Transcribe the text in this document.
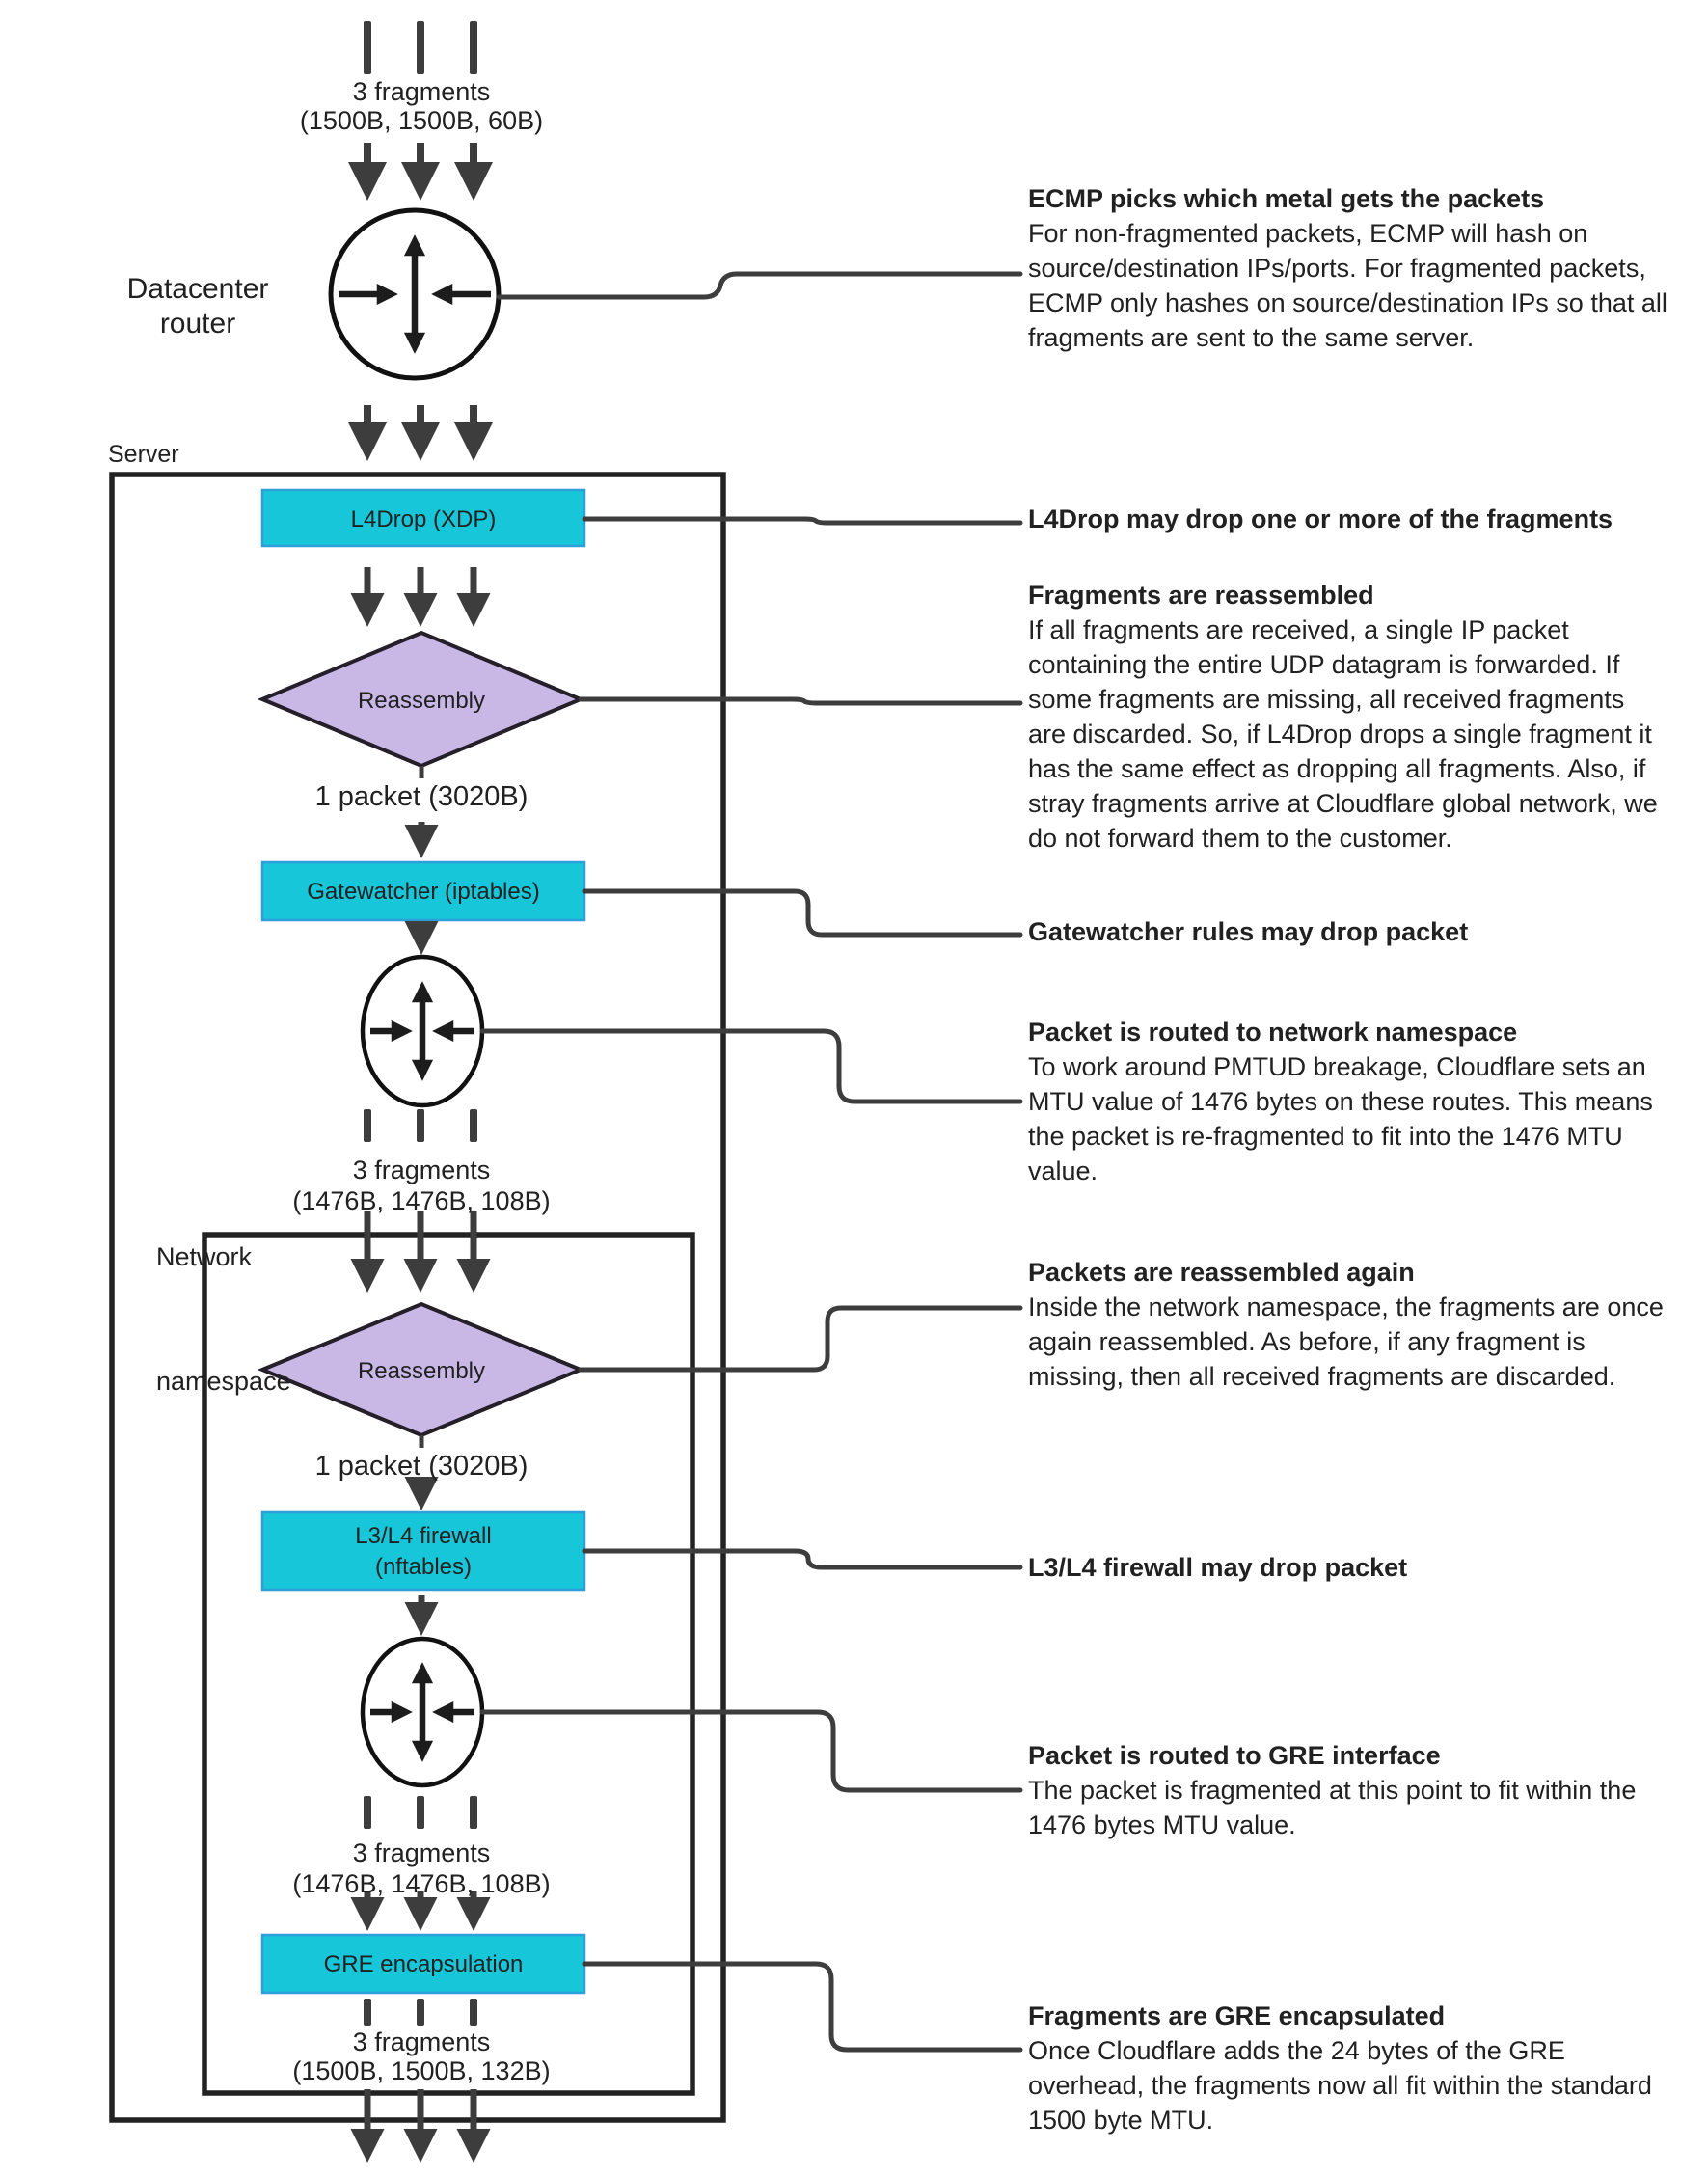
3 fragments
(1500B, 1500B, 60B)
Datacenter
router
Server
L4Drop (XDP)
Reassembly
1 packet (3020B)
Gatewatcher (iptables)
3 fragments
(1476B, 1476B, 108B)

Network

namespace

	Reassembly
1 packet (3020B)
L3/L4 firewall
(nftables)
3 fragments
(1476B, 1476B, 108B)
GRE encapsulation
3 fragments
(1500B, 1500B, 132B)
ECMP picks which metal gets the packets
For non-fragmented packets, ECMP will hash on
source/destination IPs/ports. For fragmented packets,
ECMP only hashes on source/destination IPs so that all
fragments are sent to the same server.
L4Drop may drop one or more of the fragments
Fragments are reassembled
If all fragments are received, a single IP packet
containing the entire UDP datagram is forwarded. If
some fragments are missing, all received fragments
are discarded. So, if L4Drop drops a single fragment it
has the same effect as dropping all fragments. Also, if
stray fragments arrive at Cloudflare global network, we
do not forward them to the customer.
Gatewatcher rules may drop packet
Packet is routed to network namespace
To work around PMTUD breakage, Cloudflare sets an
MTU value of 1476 bytes on these routes. This means
the packet is re-fragmented to fit into the 1476 MTU
value.
Packets are reassembled again
Inside the network namespace, the fragments are once
again reassembled. As before, if any fragment is
missing, then all received fragments are discarded.
L3/L4 firewall may drop packet
Packet is routed to GRE interface
The packet is fragmented at this point to fit within the
1476 bytes MTU value.
Fragments are GRE encapsulated
Once Cloudflare adds the 24 bytes of the GRE
overhead, the fragments now all fit within the standard
1500 byte MTU.
